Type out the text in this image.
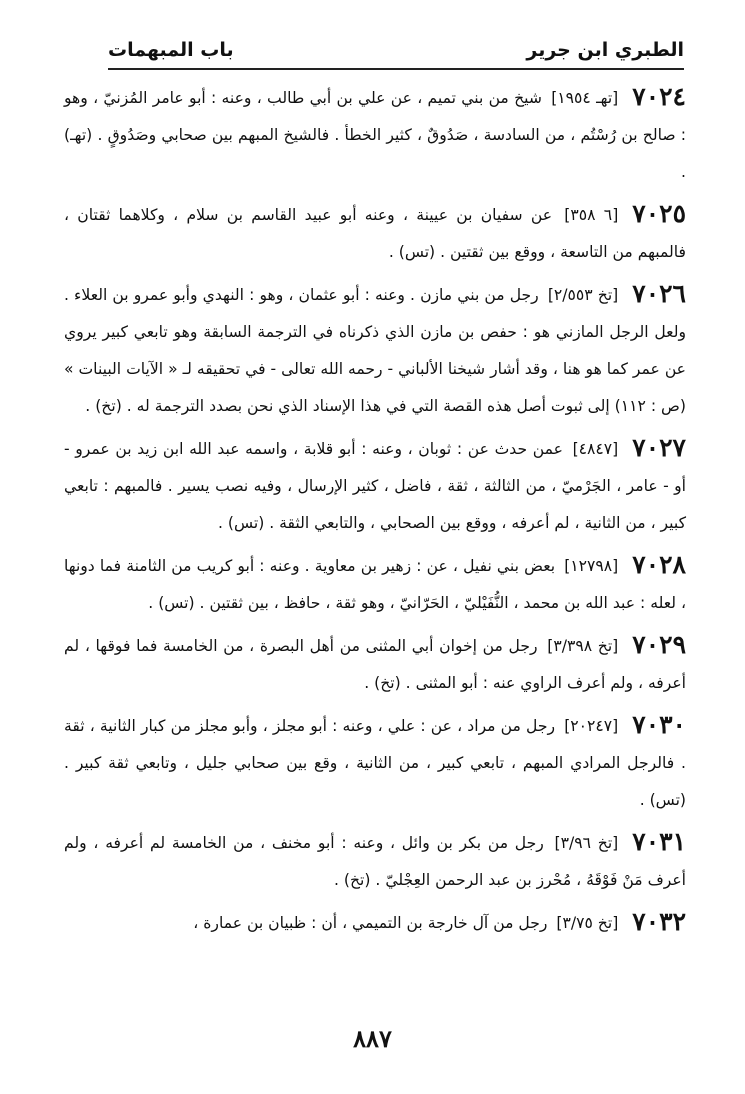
الطبري ابن جرير
باب المبهمات

٧٠٢٤[تهـ ١٩٥٤] شيخ من بني تميم ، عن علي بن أبي طالب ، وعنه : أبو عامر المُزنيّ ، وهو : صالح بن رُسْتُم ، من السادسة ، صَدُوقٌ ، كثير الخطأ . فالشيخ المبهم بين صحابي وصَدُوقٍ . (تهـ) .

٧٠٢٥[٦ ٣٥٨] عن سفيان بن عيينة ، وعنه أبو عبيد القاسم بن سلام ، وكلاهما ثقتان ، فالمبهم من التاسعة ، ووقع بين ثقتين . (تس) .

٧٠٢٦[تخ ٢/٥٥٣] رجل من بني مازن . وعنه : أبو عثمان ، وهو : النهدي وأبو عمرو بن العلاء . ولعل الرجل المازني هو : حفص بن مازن الذي ذكرناه في الترجمة السابقة وهو تابعي كبير يروي عن عمر كما هو هنا ، وقد أشار شيخنا الألباني - رحمه الله تعالى - في تحقيقه لـ « الآيات البينات » (ص : ١١٢) إلى ثبوت أصل هذه القصة التي في هذا الإسناد الذي نحن بصدد الترجمة له . (تخ) .

٧٠٢٧[٤٨٤٧] عمن حدث عن : ثوبان ، وعنه : أبو قلابة ، واسمه عبد الله ابن زيد بن عمرو - أو - عامر ، الجَرْميّ ، من الثالثة ، ثقة ، فاضل ، كثير الإرسال ، وفيه نصب يسير . فالمبهم : تابعي كبير ، من الثانية ، لم أعرفه ، ووقع بين الصحابي ، والتابعي الثقة . (تس) .

٧٠٢٨[١٢٧٩٨] بعض بني نفيل ، عن : زهير بن معاوية . وعنه : أبو كريب من الثامنة فما دونها ، لعله : عبد الله بن محمد ، النُّفَيْليّ ، الحَرّانيّ ، وهو ثقة ، حافظ ، بين ثقتين . (تس) .

٧٠٢٩[تخ ٣/٣٩٨] رجل من إخوان أبي المثنى من أهل البصرة ، من الخامسة فما فوقها ، لم أعرفه ، ولم أعرف الراوي عنه : أبو المثنى . (تخ) .

٧٠٣٠[٢٠٢٤٧] رجل من مراد ، عن : علي ، وعنه : أبو مجلز ، وأبو مجلز من كبار الثانية ، ثقة . فالرجل المرادي المبهم ، تابعي كبير ، من الثانية ، وقع بين صحابي جليل ، وتابعي ثقة كبير . (تس) .

٧٠٣١[تخ ٣/٩٦] رجل من بكر بن وائل ، وعنه : أبو مخنف ، من الخامسة لم أعرفه ، ولم أعرف مَنْ فَوْقَهُ ، مُحْرز بن عبد الرحمن العِجْليّ . (تخ) .

٧٠٣٢[تخ ٣/٧٥] رجل من آل خارجة بن التميمي ، أن : ظبيان بن عمارة ،

٨٨٧
